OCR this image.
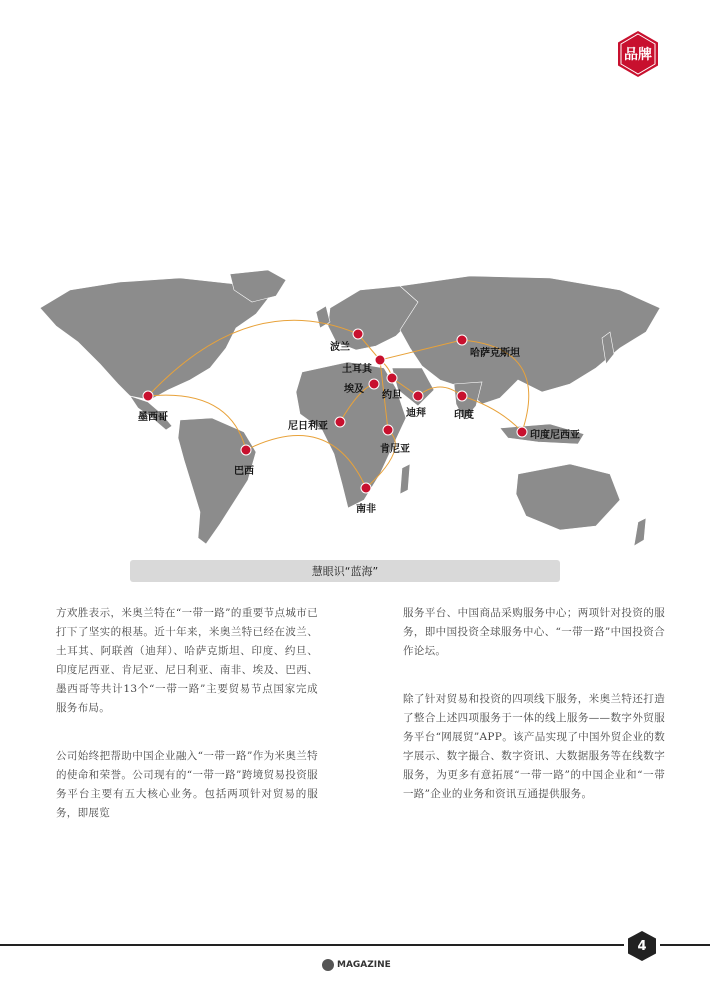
品牌
波兰
土耳其
哈萨克斯坦
埃及
约旦
迪拜	印度
墨西哥
尼日利亚
印度尼西亚
肯尼亚
巴西
南非
慧眼识“蓝海”

方欢胜表示，米奥兰特在“一带一路”的重要节点城市已打下了坚实的根基。近十年来，米奥兰特已经在波兰、土耳其、阿联酋（迪拜）、哈萨克斯坦、印度、约旦、印度尼西亚、肯尼亚、尼日利亚、南非、埃及、巴西、墨西哥等共计13个“一带一路”主要贸易节点国家完成服务布局。

公司始终把帮助中国企业融入“一带一路”作为米奥兰特的使命和荣誉。公司现有的“一带一路”跨境贸易投资服务平台主要有五大核心业务。包括两项针对贸易的服务，即展览

服务平台、中国商品采购服务中心；两项针对投资的服务，即中国投资全球服务中心、“一带一路”中国投资合作论坛。

除了针对贸易和投资的四项线下服务，米奥兰特还打造了整合上述四项服务于一体的线上服务——数字外贸服务平台“网展贸”APP。该产品实现了中国外贸企业的数字展示、数字撮合、数字资讯、大数据服务等在线数字服务，为更多有意拓展“一带一路”的中国企业和“一带一路”企业的业务和资讯互通提供服务。

4
MAGAZINE
